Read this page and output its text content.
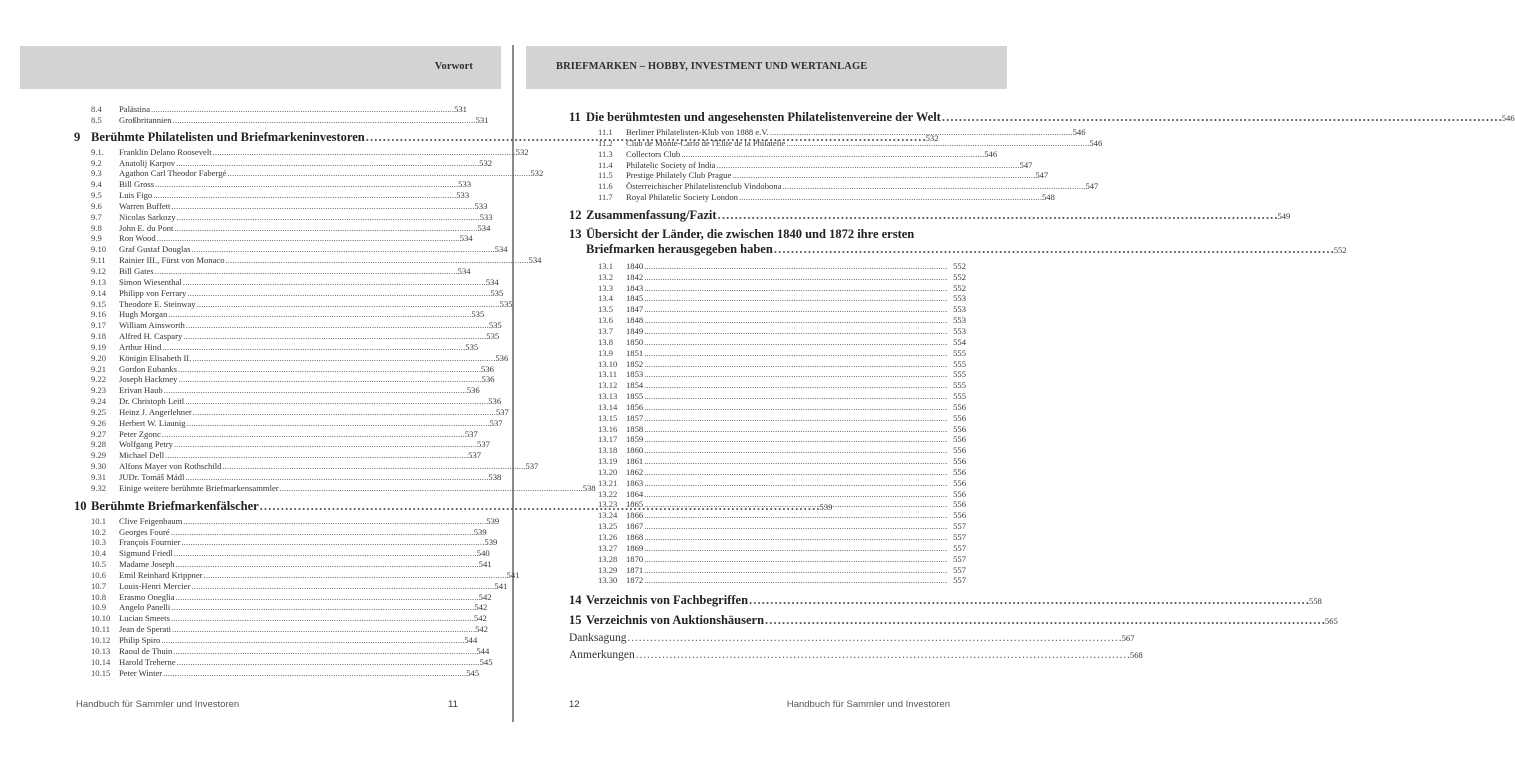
Vorwort
8.4	Palästina . . .	531
8.5	Großbritannien . . .	531
9 Berühmte Philatelisten und Briefmarkeninvestoren . . .	532
9.1.	Franklin Delano Roosevelt . . .	532
9.2	Anatolij Karpov . . .	532
9.3	Agathon Carl Theodor Fabergé . . .	532
9.4	Bill Gross . . .	533
9.5	Luis Figo . . .	533
9.6	Warren Buffett . . .	533
9.7	Nicolas Sarkozy . . .	533
9.8	John E. du Pont . . .	534
9.9	Ron Wood . . .	534
9.10	Graf Gustaf Douglas . . .	534
9.11	Rainier III., Fürst von Monaco . . .	534
9.12	Bill Gates . . .	534
9.13	Simon Wiesenthal . . .	534
9.14	Philipp von Ferrary . . .	535
9.15	Theodore E. Steinway . . .	535
9.16	Hugh Morgan . . .	535
9.17	William Ainsworth . . .	535
9.18	Alfred H. Caspary . . .	535
9.19	Arthur Hind . . .	535
9.20	Königin Elisabeth II. . . .	536
9.21	Gordon Eubanks . . .	536
9.22	Joseph Hackmey . . .	536
9.23	Erivan Haub . . .	536
9.24	Dr. Christoph Leitl . . .	536
9.25	Heinz J. Angerlehner . . .	537
9.26	Herbert W. Liaunig . . .	537
9.27	Peter Zgonc . . .	537
9.28	Wolfgang Petry . . .	537
9.29	Michael Dell . . .	537
9.30	Alfons Mayer von Rothschild . . .	537
9.31	JUDr. Tomáš Mádl . . .	538
9.32	Einige weitere berühmte Briefmarkensammler . . .	538
10 Berühmte Briefmarkenfälscher . . .	539
10.1	Clive Feigenbaum . . .	539
10.2	Georges Fouré . . .	539
10.3	François Fournier . . .	539
10.4	Sigmund Friedl . . .	540
10.5	Madame Joseph . . .	541
10.6	Emil Reinhard Krippner . . .	541
10.7	Louis-Henri Mercier . . .	541
10.8	Erasmo Oneglia . . .	542
10.9	Angelo Panelli . . .	542
10.10	Lucian Smeets . . .	542
10.11	Jean de Sperati . . .	542
10.12	Philip Spiro . . .	544
10.13	Raoul de Thuin . . .	544
10.14	Harold Treherne . . .	545
10.15	Peter Winter . . .	545
Handbuch für Sammler und Investoren	11
BRIEFMARKEN – HOBBY, INVESTMENT UND WERTANLAGE
11 Die berühmtesten und angesehensten Philatelistenvereine der Welt . . .	546
11.1	Berliner Philatelisten-Klub von 1888 e.V. . . .	546
11.2	Club de Monte-Carlo de l'Elite de la Philatélie . . .	546
11.3	Collectors Club . . .	546
11.4	Philatelic Society of India . . .	547
11.5	Prestige Philately Club Prague . . .	547
11.6	Österreichischer Philatelistenclub Vindobona . . .	547
11.7	Royal Philatelic Society London . . .	548
12 Zusammenfassung/Fazit . . .	549
13 Übersicht der Länder, die zwischen 1840 und 1872 ihre ersten
Briefmarken herausgegeben haben . . .	552
13.1	1840 . . .	552
13.2	1842 . . .	552
13.3	1843 . . .	552
13.4	1845 . . .	553
13.5	1847 . . .	553
13.6	1848 . . .	553
13.7	1849 . . .	553
13.8	1850 . . .	554
13.9	1851 . . .	555
13.10	1852 . . .	555
13.11	1853 . . .	555
13.12	1854 . . .	555
13.13	1855 . . .	555
13.14	1856 . . .	556
13.15	1857 . . .	556
13.16	1858 . . .	556
13.17	1859 . . .	556
13.18	1860 . . .	556
13.19	1861 . . .	556
13.20	1862 . . .	556
13.21	1863 . . .	556
13.22	1864 . . .	556
13.23	1865 . . .	556
13.24	1866 . . .	556
13.25	1867 . . .	557
13.26	1868 . . .	557
13.27	1869 . . .	557
13.28	1870 . . .	557
13.29	1871 . . .	557
13.30	1872 . . .	557
14 Verzeichnis von Fachbegriffen . . .	558
15 Verzeichnis von Auktionshäusern . . .	565
Danksagung . . .	567
Anmerkungen . . .	568
12	Handbuch für Sammler und Investoren
